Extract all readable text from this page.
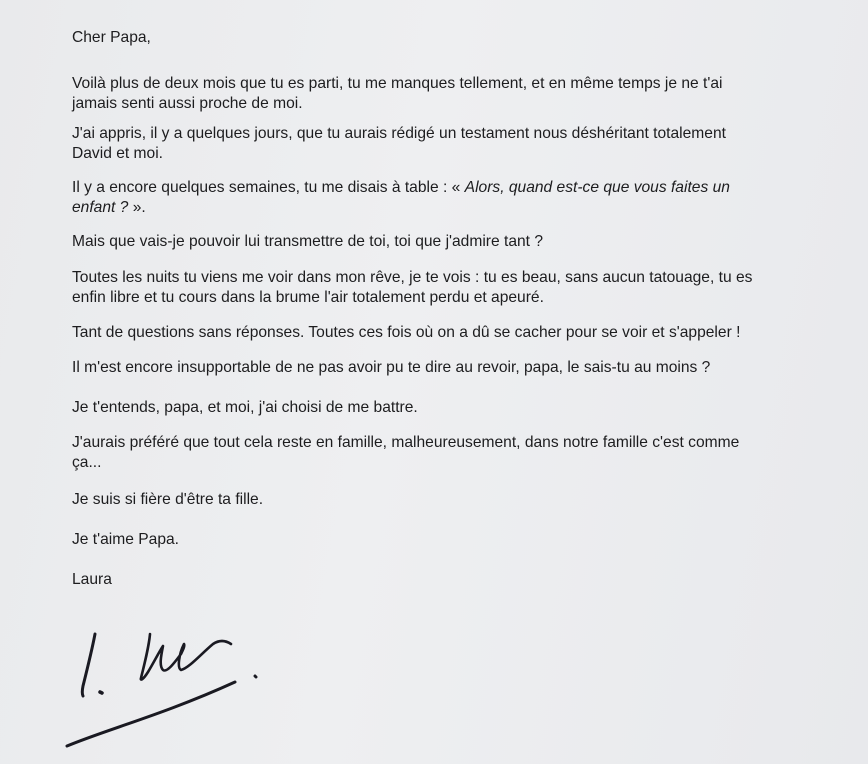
Cher Papa,

Voilà plus de deux mois que tu es parti, tu me manques tellement, et en même temps je ne t'ai

jamais senti aussi proche de moi.

J'ai appris, il y a quelques jours, que tu aurais rédigé un testament nous déshéritant totalement

David et moi.

Il y a encore quelques semaines, tu me disais à table : « Alors, quand est-ce que vous faites un

enfant ? ».

Mais que vais-je pouvoir lui transmettre de toi, toi que j'admire tant ?

Toutes les nuits tu viens me voir dans mon rêve, je te vois : tu es beau, sans aucun tatouage, tu es

enfin libre et tu cours dans la brume l'air totalement perdu et apeuré.

Tant de questions sans réponses. Toutes ces fois où on a dû se cacher pour se voir et s'appeler !

Il m'est encore insupportable de ne pas avoir pu te dire au revoir, papa, le sais-tu au moins ?

Je t'entends, papa, et moi, j'ai choisi de me battre.

J'aurais préféré que tout cela reste en famille, malheureusement, dans notre famille c'est comme

ça...

Je suis si fière d'être ta fille.

Je t'aime Papa.

Laura
